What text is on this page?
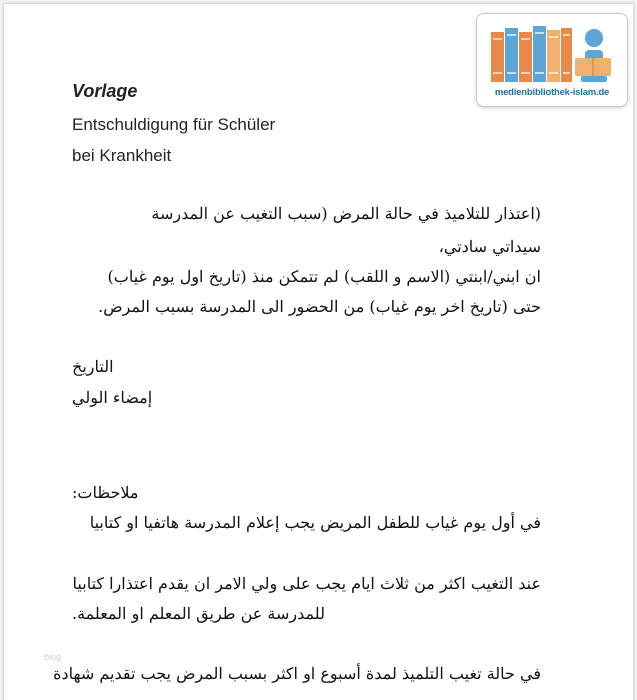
Vorlage
Entschuldigung für Schüler
bei Krankheit
(اعتذار للتلاميذ في حالة المرض (سبب التغيب عن المدرسة
سيداتي سادتي،
ان ابني/ابنتي (الاسم و اللقب) لم تتمكن منذ (تاريخ اول يوم غياب)
حتى (تاريخ اخر يوم غياب) من الحضور الى المدرسة بسبب المرض.
التاريخ
إمضاء الولي
ملاحظات:
في أول يوم غياب للطفل المريض يجب إعلام المدرسة هاتفيا او كتابيا
عند التغيب اكثر من ثلاث ايام يجب على ولي الامر ان يقدم اعتذارا كتابيا
للمدرسة عن طريق المعلم او المعلمة.
في حالة تغيب التلميذ لمدة أسبوع او اكثر بسبب المرض يجب تقديم شهادة
blog
medienbibliothek-islam.de
